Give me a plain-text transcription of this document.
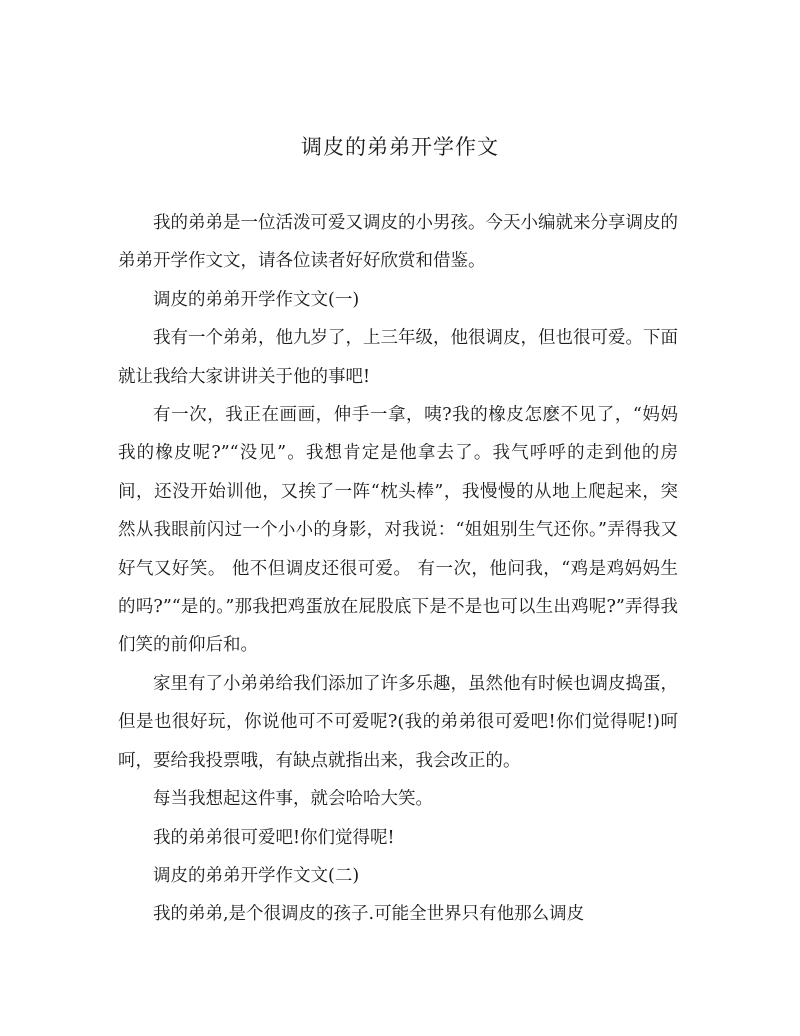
调皮的弟弟开学作文

我的弟弟是一位活泼可爱又调皮的小男孩。今天小编就来分享调皮的弟弟开学作文文，请各位读者好好欣赏和借鉴。

调皮的弟弟开学作文文(一)

我有一个弟弟，他九岁了，上三年级，他很调皮，但也很可爱。下面就让我给大家讲讲关于他的事吧!

有一次，我正在画画，伸手一拿，咦?我的橡皮怎麽不见了，“妈妈我的橡皮呢?”“没见”。我想肯定是他拿去了。我气呼呼的走到他的房间，还没开始训他，又挨了一阵“枕头棒”，我慢慢的从地上爬起来，突然从我眼前闪过一个小小的身影，对我说：“姐姐别生气还你。”弄得我又好气又好笑。 他不但调皮还很可爱。 有一次，他问我，“鸡是鸡妈妈生的吗?”“是的。”那我把鸡蛋放在屁股底下是不是也可以生出鸡呢?”弄得我们笑的前仰后和。

家里有了小弟弟给我们添加了许多乐趣，虽然他有时候也调皮捣蛋，但是也很好玩，你说他可不可爱呢?(我的弟弟很可爱吧!你们觉得呢!)呵呵，要给我投票哦，有缺点就指出来，我会改正的。

每当我想起这件事，就会哈哈大笑。

我的弟弟很可爱吧!你们觉得呢!

调皮的弟弟开学作文文(二)

我的弟弟,是个很调皮的孩子.可能全世界只有他那么调皮
